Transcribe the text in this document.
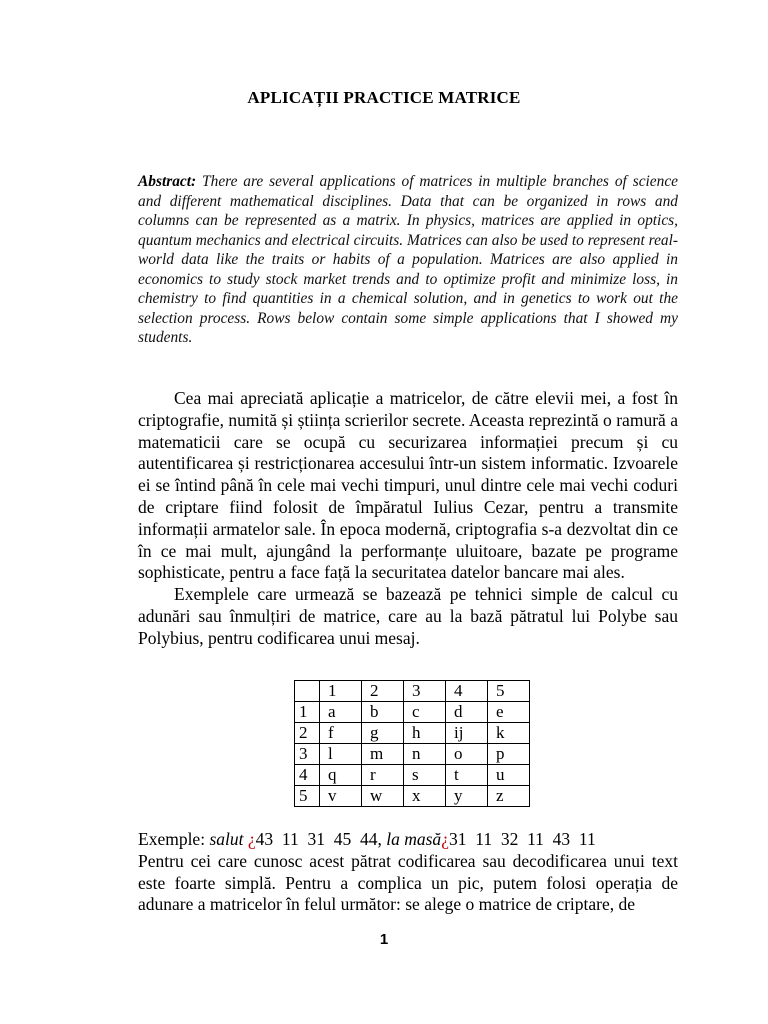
APLICAȚII PRACTICE MATRICE
Abstract: There are several applications of matrices in multiple branches of science and different mathematical disciplines. Data that can be organized in rows and columns can be represented as a matrix. In physics, matrices are applied in optics, quantum mechanics and electrical circuits. Matrices can also be used to represent real-world data like the traits or habits of a population. Matrices are also applied in economics to study stock market trends and to optimize profit and minimize loss, in chemistry to find quantities in a chemical solution, and in genetics to work out the selection process. Rows below contain some simple applications that I showed my students.

Cea mai apreciată aplicație a matricelor, de către elevii mei, a fost în criptografie, numită și știința scrierilor secrete. Aceasta reprezintă o ramură a matematicii care se ocupă cu securizarea informației precum și cu autentificarea și restricționarea accesului într-un sistem informatic. Izvoarele ei se întind până în cele mai vechi timpuri, unul dintre cele mai vechi coduri de criptare fiind folosit de împăratul Iulius Cezar, pentru a transmite informații armatelor sale. În epoca modernă, criptografia s-a dezvoltat din ce în ce mai mult, ajungând la performanțe uluitoare, bazate pe programe sophisticate, pentru a face față la securitatea datelor bancare mai ales.

Exemplele care urmează se bazează pe tehnici simple de calcul cu adunări sau înmulțiri de matrice, care au la bază pătratul lui Polybe sau Polybius, pentru codificarea unui mesaj.

	1	2	3	4	5
1	a	b	c	d	e
2	f	g	h	ij	k
3	l	m	n	o	p
4	q	r	s	t	u
5	v	w	x	y	z
Exemple: salut ¿43  11  31  45  44, la masă¿31  11  32  11  43  11
Pentru cei care cunosc acest pătrat codificarea sau decodificarea unui text este foarte simplă. Pentru a complica un pic, putem folosi operația de adunare a matricelor în felul următor: se alege o matrice de criptare, de
1
